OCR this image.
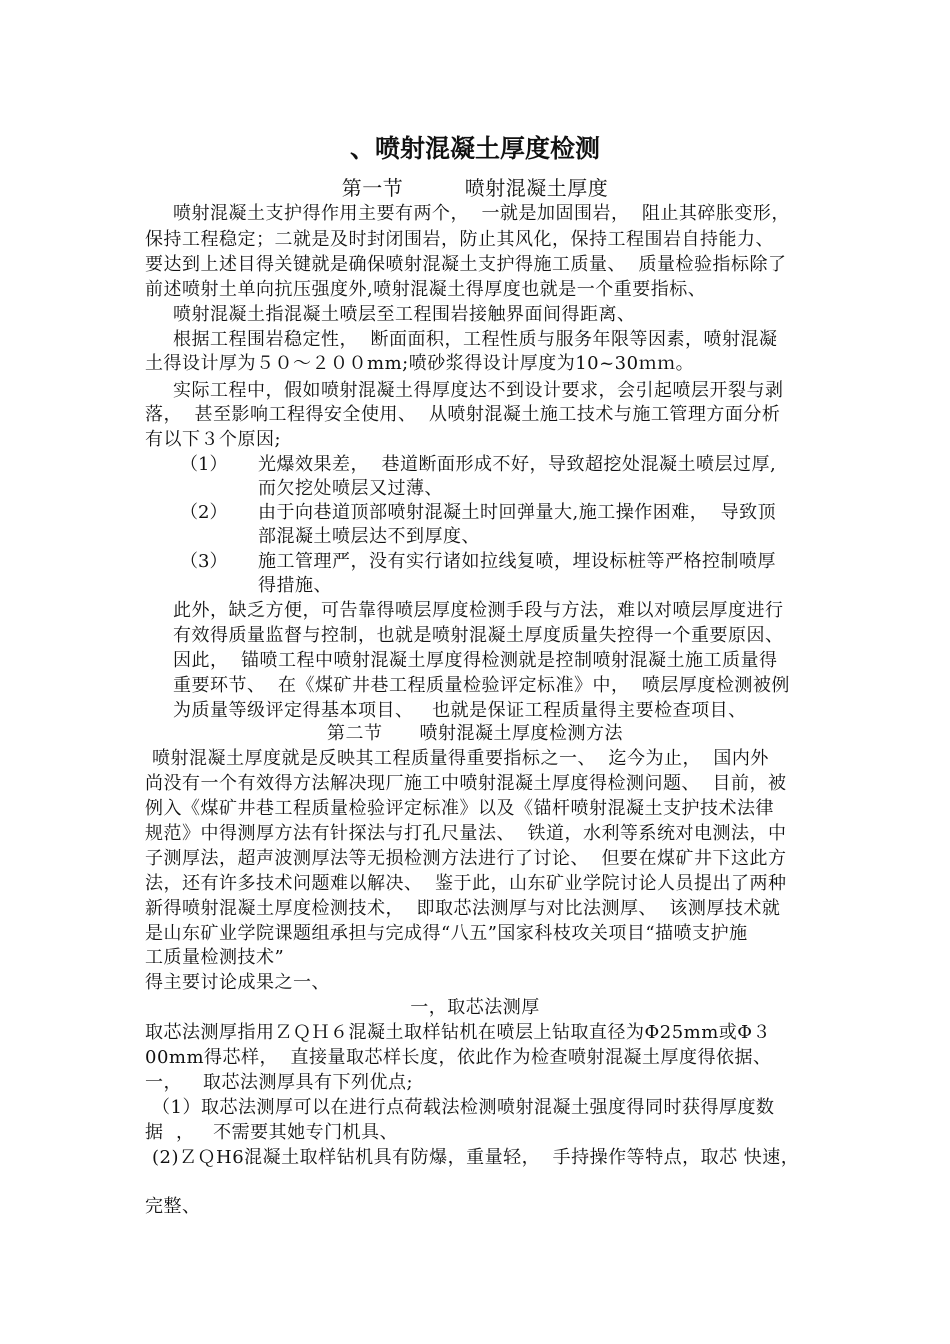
、喷射混凝土厚度检测
第一节　　　喷射混凝土厚度
喷射混凝土支护得作用主要有两个，  一就是加固围岩，  阻止其碎胀变形，
保持工程稳定；二就是及时封闭围岩，防止其风化，保持工程围岩自持能力、
要达到上述目得关键就是确保喷射混凝土支护得施工质量、  质量检验指标除了
前述喷射土单向抗压强度外,喷射混凝土得厚度也就是一个重要指标、
喷射混凝土指混凝土喷层至工程围岩接触界面间得距离、
根据工程围岩稳定性，  断面面积，工程性质与服务年限等因素，喷射混凝
土得设计厚为５０～２００mm;喷砂浆得设计厚度为10~30ｍｍ。
实际工程中，假如喷射混凝土得厚度达不到设计要求，会引起喷层开裂与剥
落，  甚至影响工程得安全使用、  从喷射混凝土施工技术与施工管理方面分析
有以下３个原因;
（1） 光爆效果差，  巷道断面形成不好，导致超挖处混凝土喷层过厚,
而欠挖处喷层又过薄、
（2） 由于向巷道顶部喷射混凝土时回弹量大,施工操作困难，  导致顶
部混凝土喷层达不到厚度、
（3） 施工管理严，没有实行诸如拉线复喷，埋设标桩等严格控制喷厚
得措施、
此外，缺乏方便，可告靠得喷层厚度检测手段与方法，难以对喷层厚度进行
有效得质量监督与控制，也就是喷射混凝土厚度质量失控得一个重要原因、
因此，  锚喷工程中喷射混凝土厚度得检测就是控制喷射混凝土施工质量得
重要环节、  在《煤矿井巷工程质量检验评定标准》中，  喷层厚度检测被例
为质量等级评定得基本项目、   也就是保证工程质量得主要检查项目、
第二节　　喷射混凝土厚度检测方法
喷射混凝土厚度就是反映其工程质量得重要指标之一、  迄今为止，  国内外
尚没有一个有效得方法解决现厂施工中喷射混凝土厚度得检测问题、  目前，被
例入《煤矿井巷工程质量检验评定标准》以及《锚杆喷射混凝土支护技术法律
规范》中得测厚方法有针探法与打孔尺量法、  铁道，水利等系统对电测法，中
子测厚法，超声波测厚法等无损检测方法进行了讨论、  但要在煤矿井下这此方
法，还有许多技术问题难以解决、  鉴于此，山东矿业学院讨论人员提出了两种
新得喷射混凝土厚度检测技术，  即取芯法测厚与对比法测厚、  该测厚技术就
是山东矿业学院课题组承担与完成得“八五”国家科枝攻关项目“描喷支护施
工质量检测技术”
得主要讨论成果之一、
一，取芯法测厚
取芯法测厚指用ＺＱＨ６混凝土取样钻机在喷层上钻取直径为Φ25mm或Φ３
00mm得芯样，  直接量取芯样长度，依此作为检查喷射混凝土厚度得依据、
一， 取芯法测厚具有下列优点;
（1）取芯法测厚可以在进行点荷载法检测喷射混凝土强度得同时获得厚度数
据  ，   不需要其她专门机具、
(2)ＺＱH6混凝土取样钻机具有防爆，重量轻，  手持操作等特点，取芯 快速，
完整、
